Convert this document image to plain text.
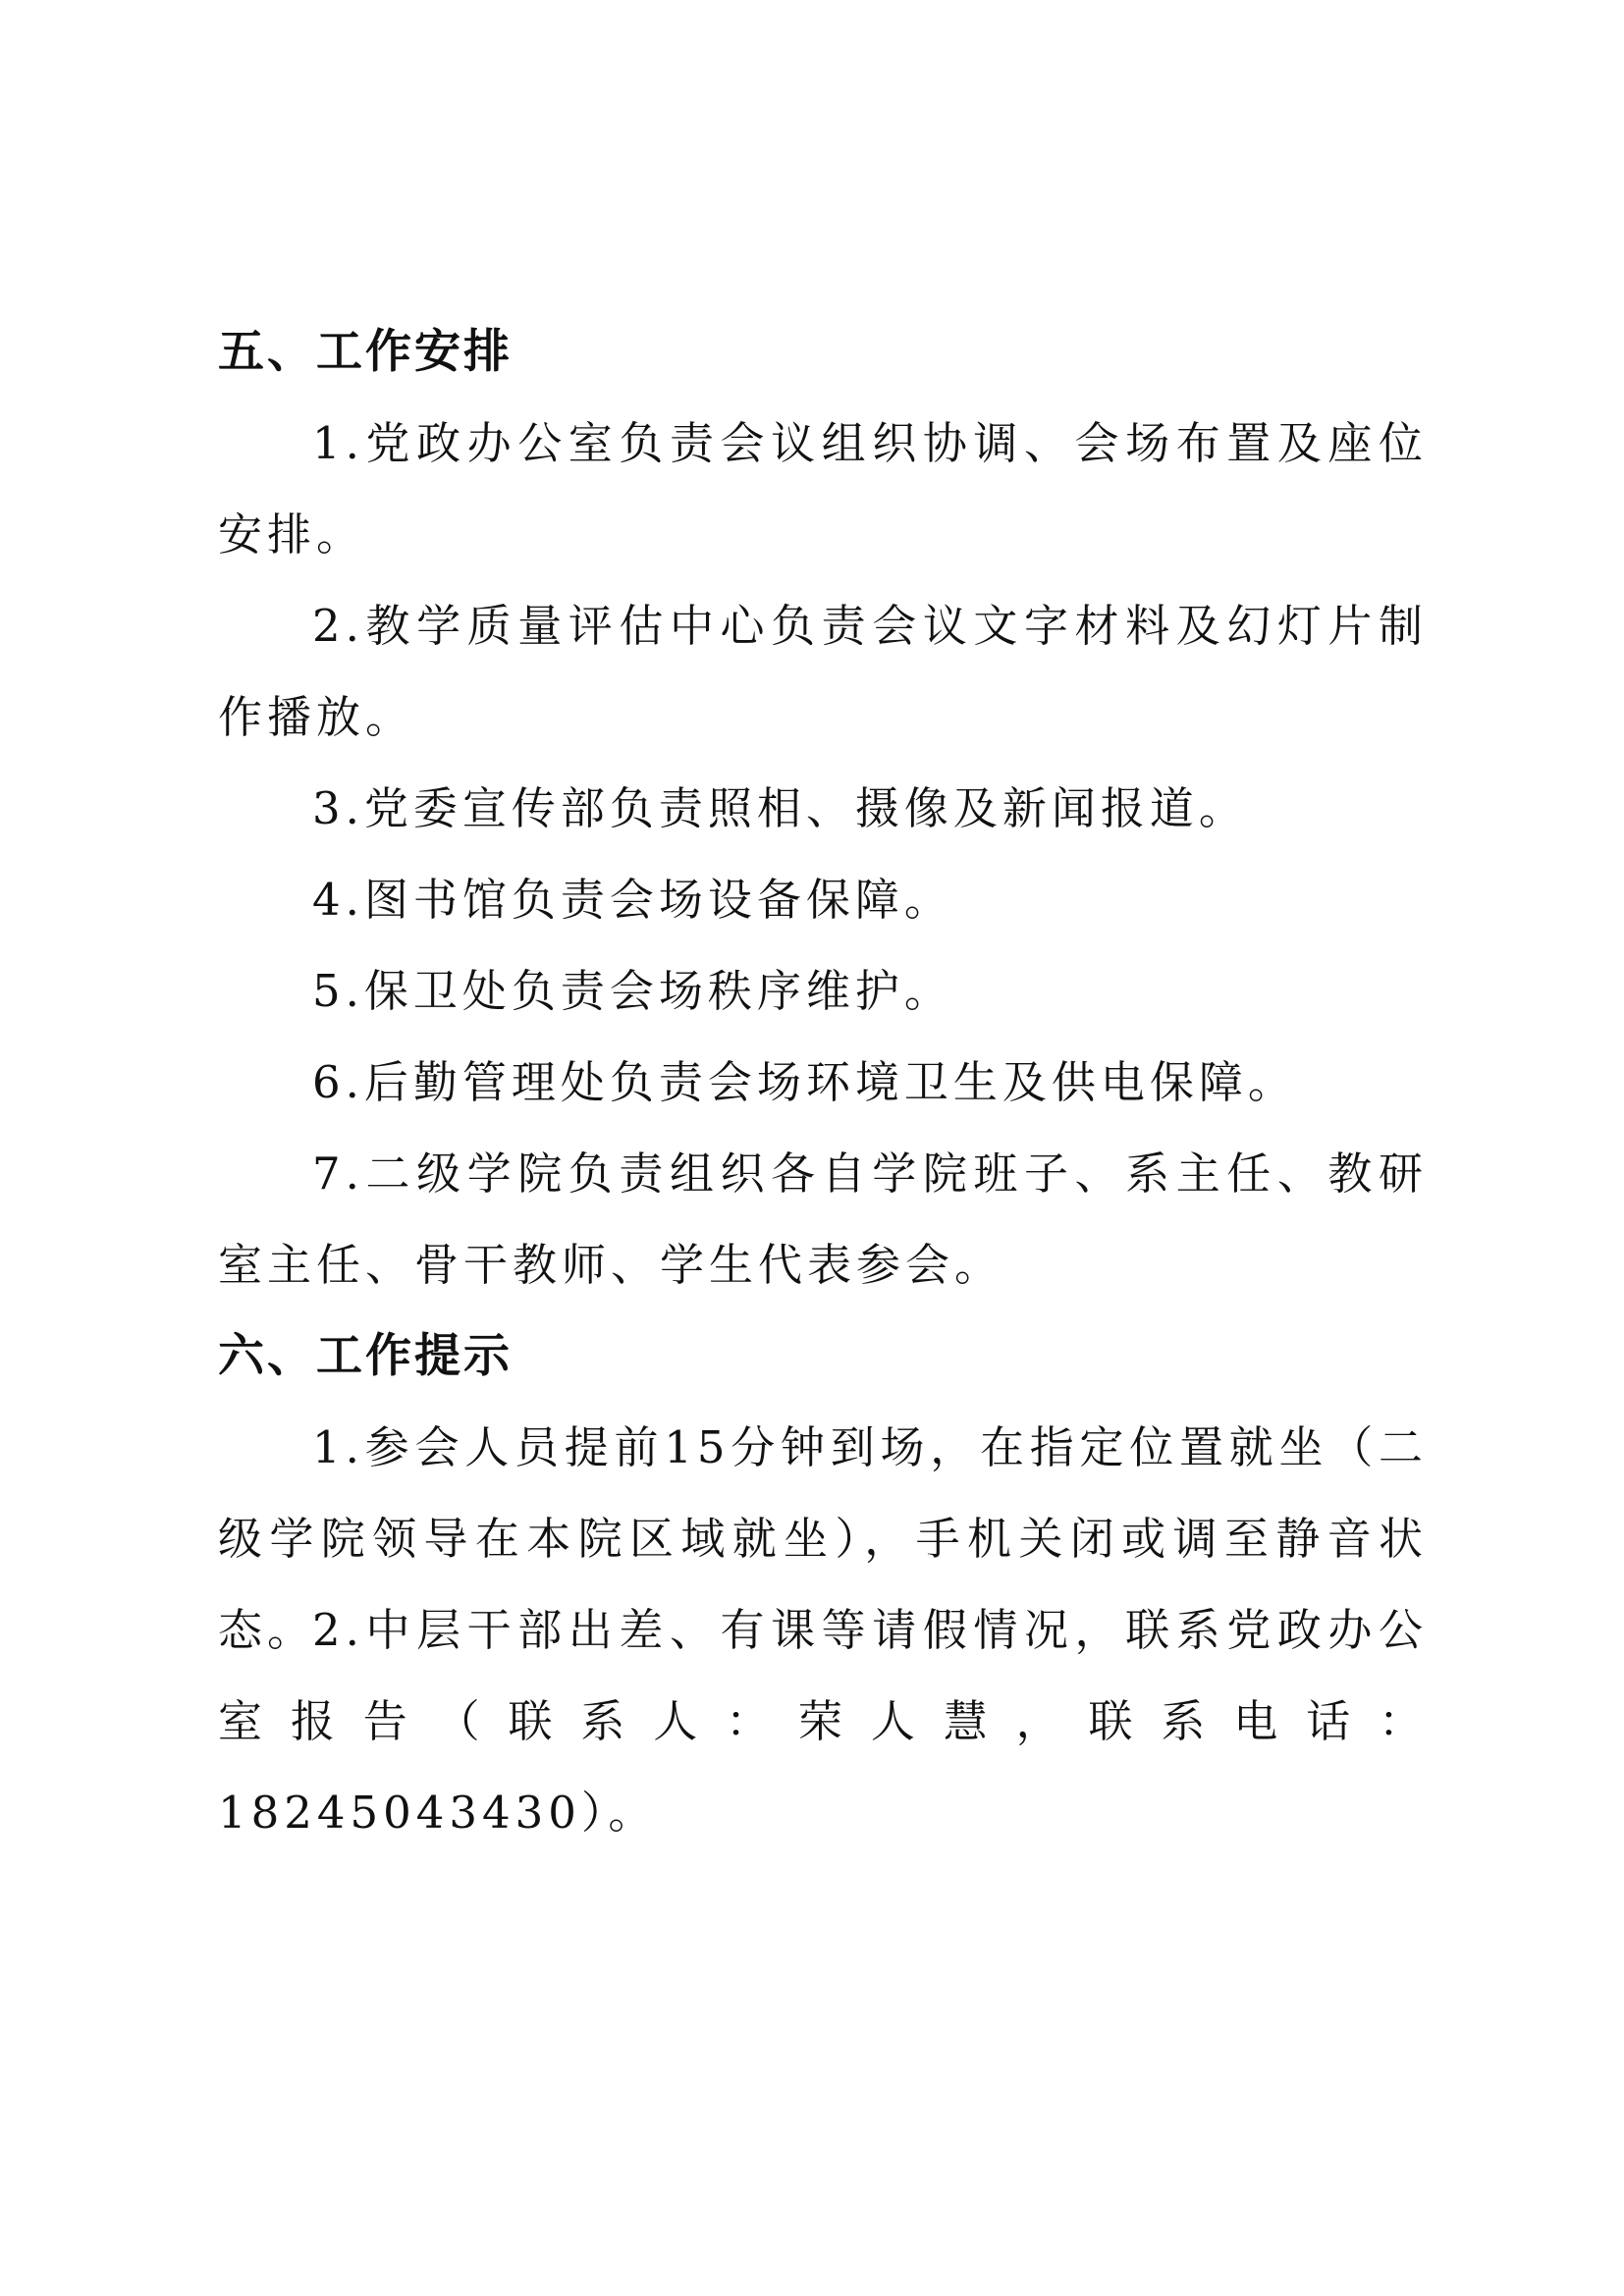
五、工作安排

1.党政办公室负责会议组织协调、会场布置及座位安排。

2.教学质量评估中心负责会议文字材料及幻灯片制作播放。

3.党委宣传部负责照相、摄像及新闻报道。

4.图书馆负责会场设备保障。

5.保卫处负责会场秩序维护。

6.后勤管理处负责会场环境卫生及供电保障。

7.二级学院负责组织各自学院班子、系主任、教研室主任、骨干教师、学生代表参会。

六、工作提示

1.参会人员提前15分钟到场，在指定位置就坐（二级学院领导在本院区域就坐），手机关闭或调至静音状态。

2.中层干部出差、有课等请假情况，联系党政办公室报告（联系人：荣人慧，联系电话：18245043430）。
